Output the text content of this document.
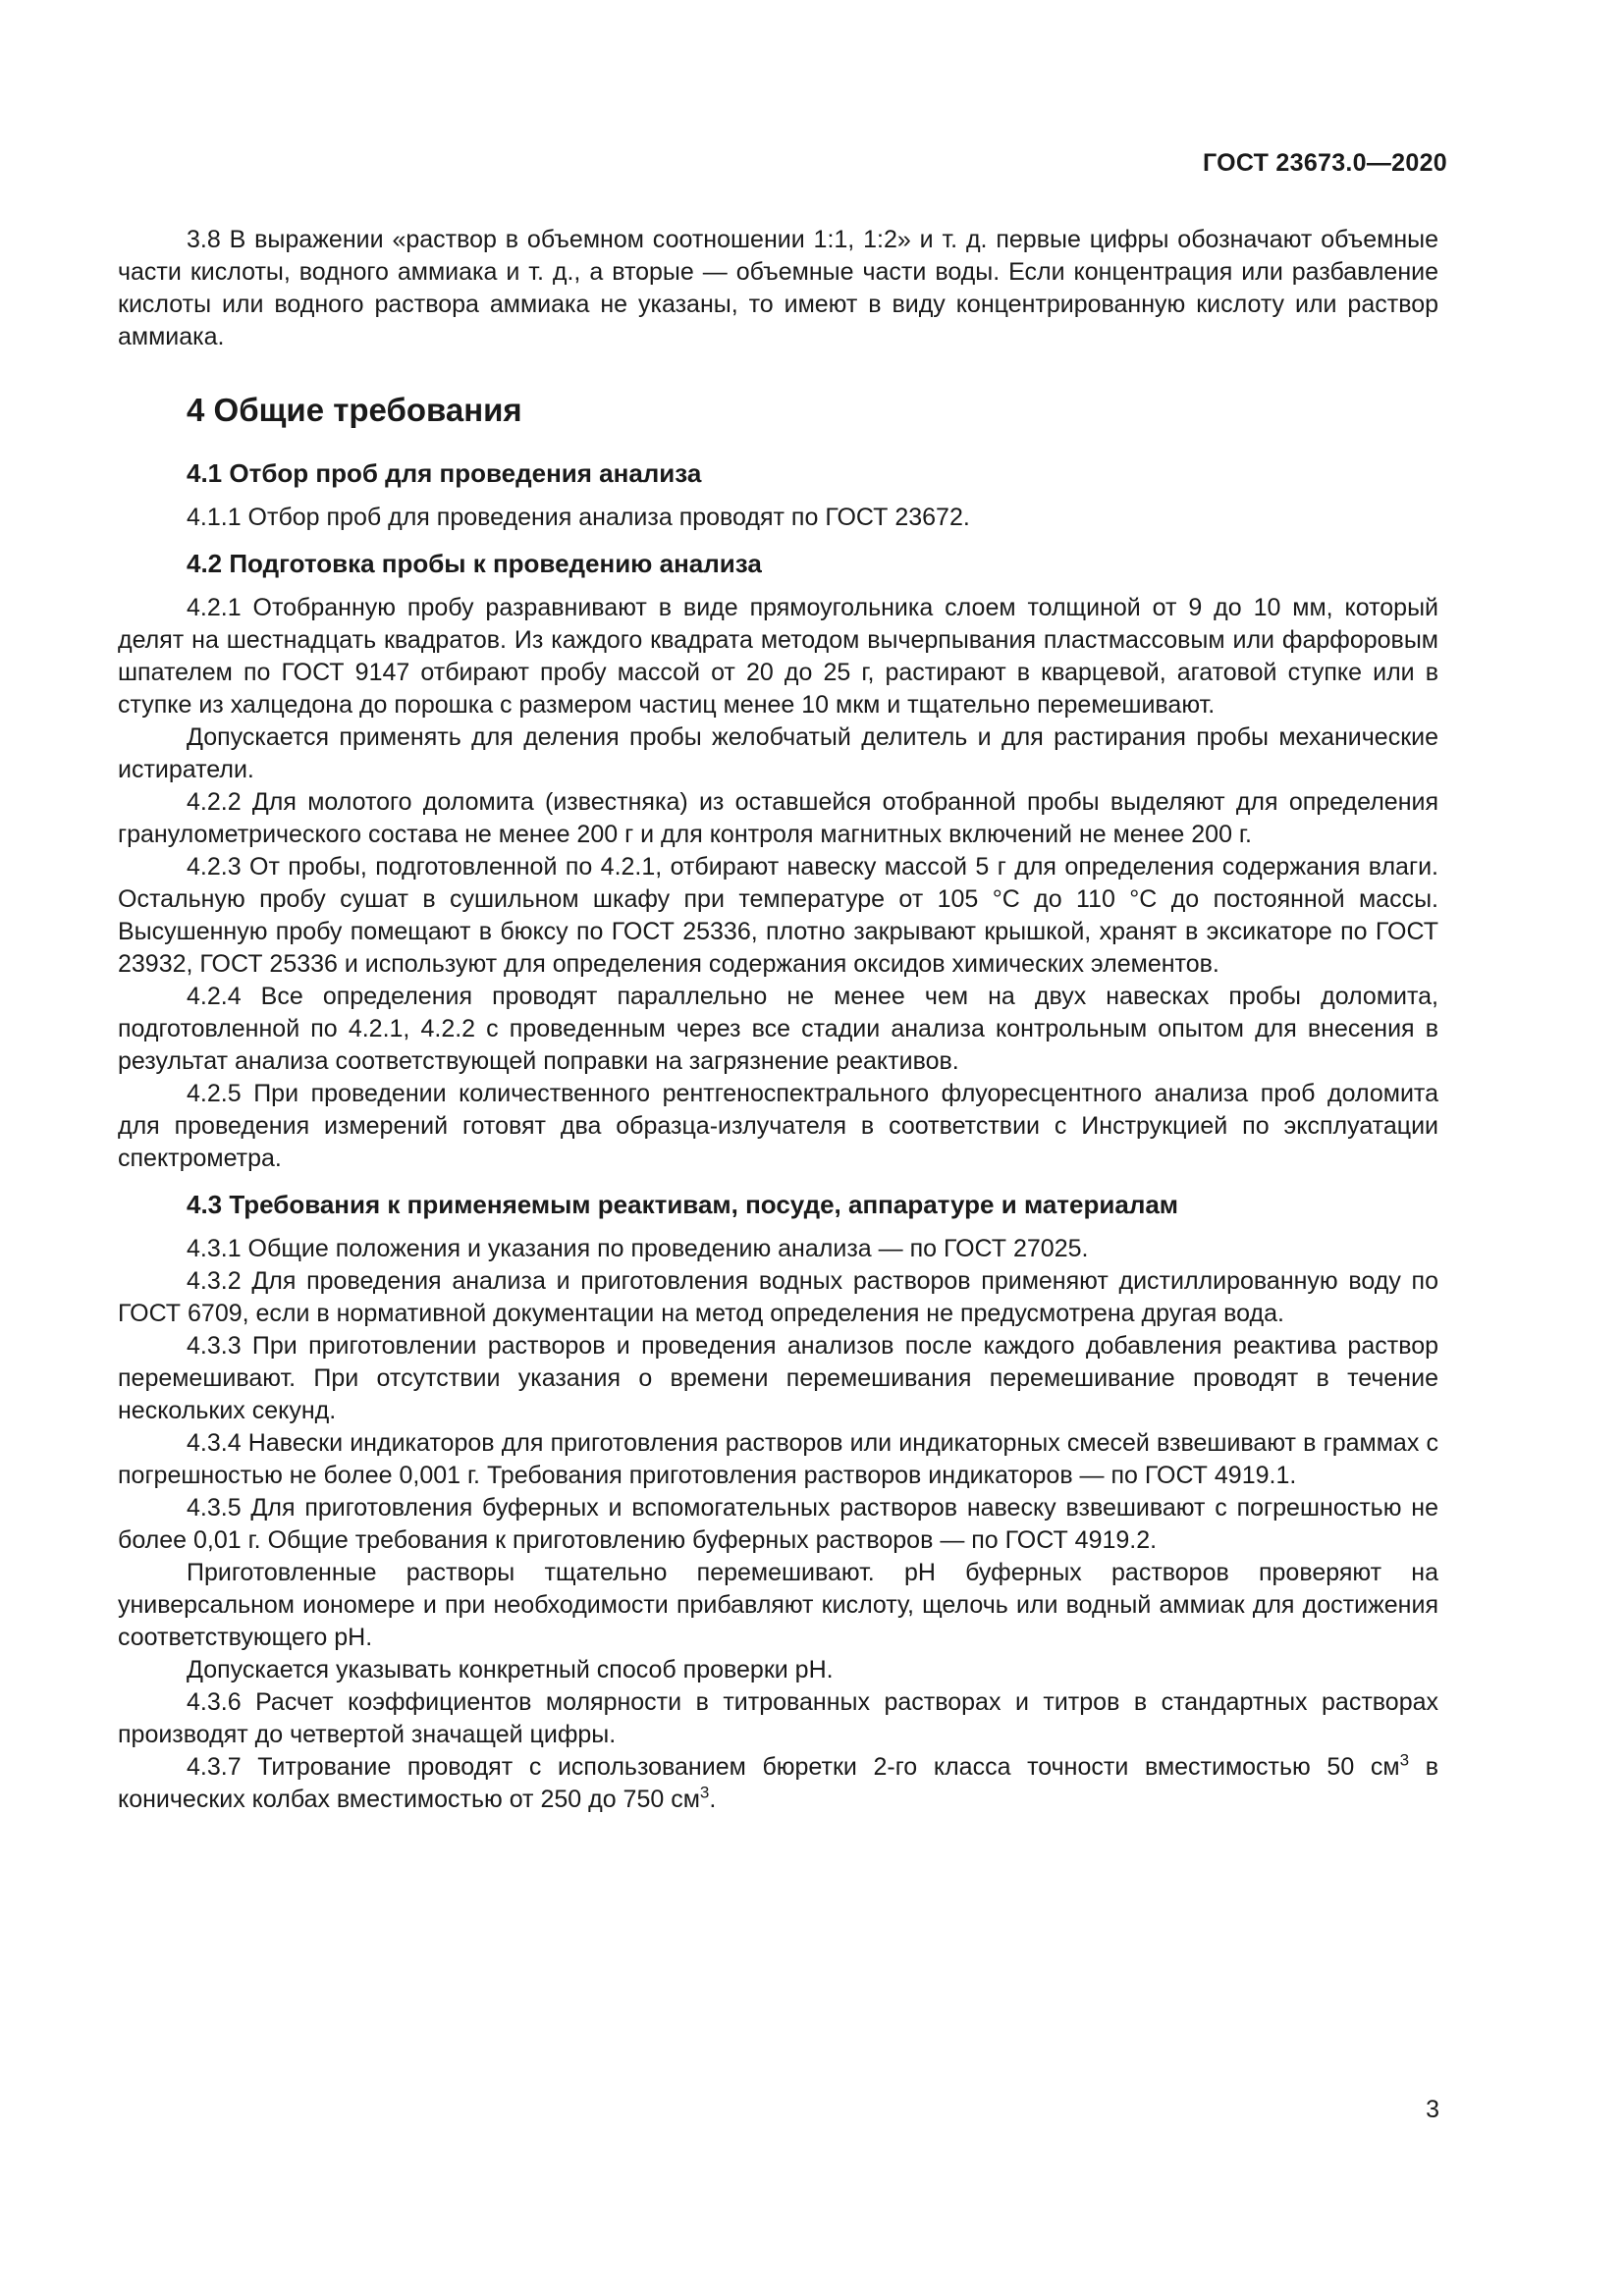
ГОСТ 23673.0—2020

3.8 В выражении «раствор в объемном соотношении 1:1, 1:2» и т. д. первые цифры обозначают объемные части кислоты, водного аммиака и т. д., а вторые — объемные части воды. Если концентрация или разбавление кислоты или водного раствора аммиака не указаны, то имеют в виду концентрированную кислоту или раствор аммиака.

4 Общие требования
4.1 Отбор проб для проведения анализа

4.1.1 Отбор проб для проведения анализа проводят по ГОСТ 23672.

4.2 Подготовка пробы к проведению анализа

4.2.1 Отобранную пробу разравнивают в виде прямоугольника слоем толщиной от 9 до 10 мм, который делят на шестнадцать квадратов. Из каждого квадрата методом вычерпывания пластмассовым или фарфоровым шпателем по ГОСТ 9147 отбирают пробу массой от 20 до 25 г, растирают в кварцевой, агатовой ступке или в ступке из халцедона до порошка с размером частиц менее 10 мкм и тщательно перемешивают.

Допускается применять для деления пробы желобчатый делитель и для растирания пробы механические истиратели.

4.2.2 Для молотого доломита (известняка) из оставшейся отобранной пробы выделяют для определения гранулометрического состава не менее 200 г и для контроля магнитных включений не менее 200 г.

4.2.3 От пробы, подготовленной по 4.2.1, отбирают навеску массой 5 г для определения содержания влаги. Остальную пробу сушат в сушильном шкафу при температуре от 105 °С до 110 °С до постоянной массы. Высушенную пробу помещают в бюксу по ГОСТ 25336, плотно закрывают крышкой, хранят в эксикаторе по ГОСТ 23932, ГОСТ 25336 и используют для определения содержания оксидов химических элементов.

4.2.4 Все определения проводят параллельно не менее чем на двух навесках пробы доломита, подготовленной по 4.2.1, 4.2.2 с проведенным через все стадии анализа контрольным опытом для внесения в результат анализа соответствующей поправки на загрязнение реактивов.

4.2.5 При проведении количественного рентгеноспектрального флуоресцентного анализа проб доломита для проведения измерений готовят два образца-излучателя в соответствии с Инструкцией по эксплуатации спектрометра.

4.3 Требования к применяемым реактивам, посуде, аппаратуре и материалам

4.3.1 Общие положения и указания по проведению анализа — по ГОСТ 27025.

4.3.2 Для проведения анализа и приготовления водных растворов применяют дистиллированную воду по ГОСТ 6709, если в нормативной документации на метод определения не предусмотрена другая вода.

4.3.3 При приготовлении растворов и проведения анализов после каждого добавления реактива раствор перемешивают. При отсутствии указания о времени перемешивания перемешивание проводят в течение нескольких секунд.

4.3.4 Навески индикаторов для приготовления растворов или индикаторных смесей взвешивают в граммах с погрешностью не более 0,001 г. Требования приготовления растворов индикаторов — по ГОСТ 4919.1.

4.3.5 Для приготовления буферных и вспомогательных растворов навеску взвешивают с погрешностью не более 0,01 г. Общие требования к приготовлению буферных растворов — по ГОСТ 4919.2.

Приготовленные растворы тщательно перемешивают. pH буферных растворов проверяют на универсальном иономере и при необходимости прибавляют кислоту, щелочь или водный аммиак для достижения соответствующего pH.

Допускается указывать конкретный способ проверки pH.

4.3.6 Расчет коэффициентов молярности в титрованных растворах и титров в стандартных растворах производят до четвертой значащей цифры.

4.3.7 Титрование проводят с использованием бюретки 2-го класса точности вместимостью 50 $см^3$ в конических колбах вместимостью от 250 до 750 $см^3$.

3
